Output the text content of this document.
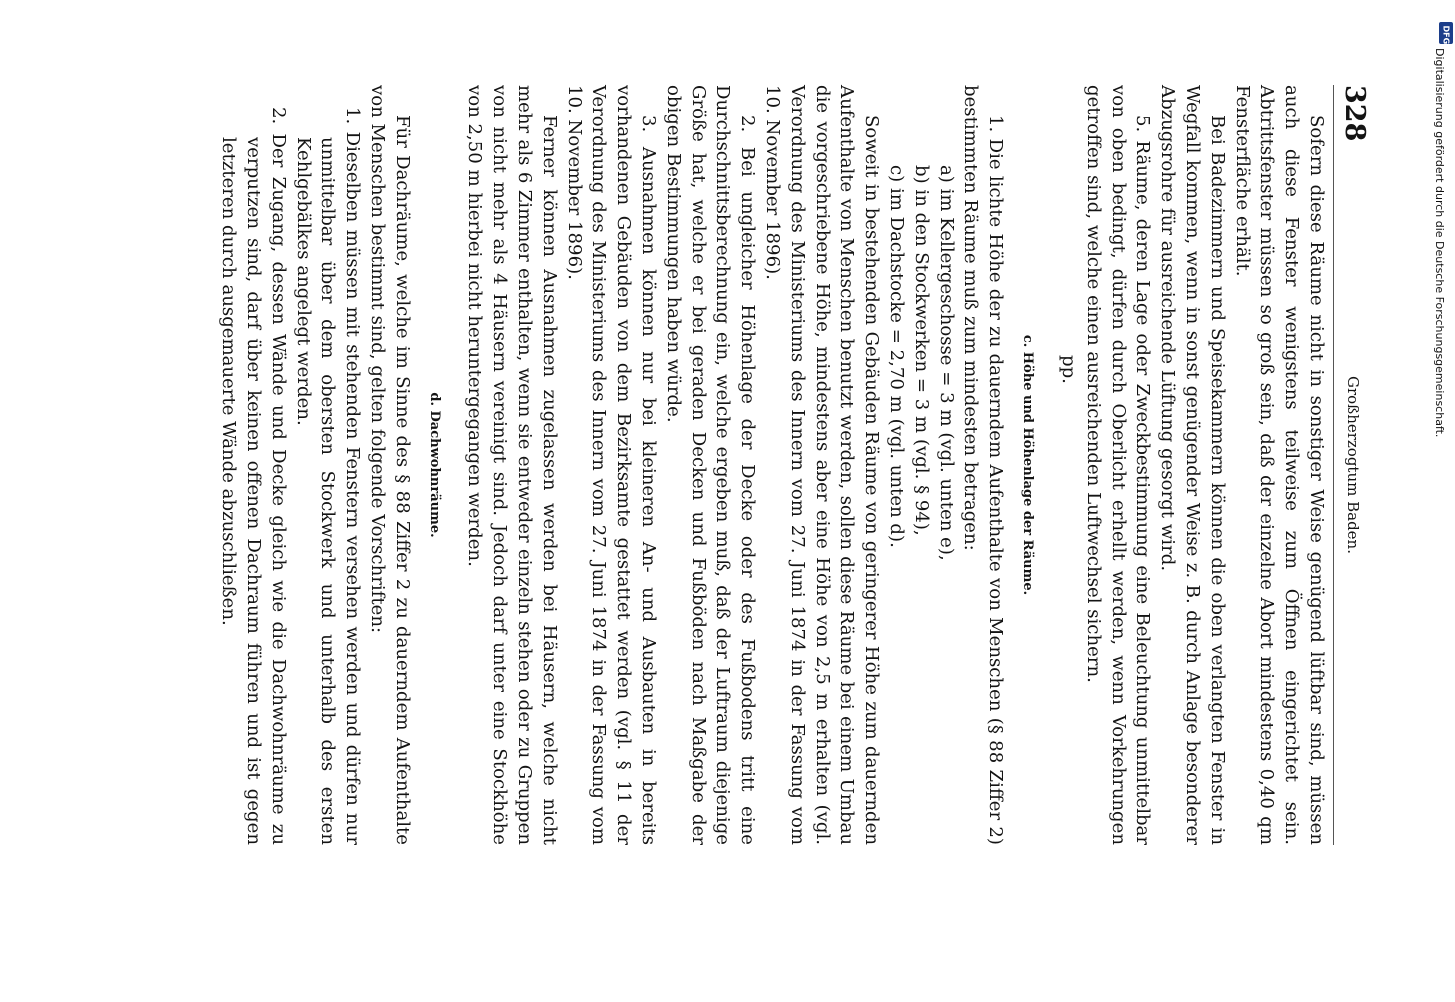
328
Großherzogtum Baden.

Sofern diese Räume nicht in sonstiger Weise genügend lüftbar sind, müssen auch diese Fenster wenigstens teilweise zum Öffnen eingerichtet sein. Abtrittsfenster müssen so groß sein, daß der einzelne Abort mindestens 0,40 qm Fensterfläche erhält.

Bei Badezimmern und Speisekammern können die oben verlangten Fenster in Wegfall kommen, wenn in sonst genügender Weise z. B. durch Anlage besonderer Abzugsrohre für ausreichende Lüftung gesorgt wird.

5. Räume, deren Lage oder Zweckbestimmung eine Beleuchtung unmittelbar von oben bedingt, dürfen durch Oberlicht erhellt werden, wenn Vorkehrungen getroffen sind, welche einen ausreichenden Luftwechsel sichern.

pp.

c. Höhe und Höhenlage der Räume.

1. Die lichte Höhe der zu dauerndem Aufenthalte von Menschen (§ 88 Ziffer 2) bestimmten Räume muß zum mindesten betragen:

a) im Kellergeschosse = 3 m (vgl. unten e),

b) in den Stockwerken = 3 m (vgl. § 94),

c) im Dachstocke = 2,70 m (vgl. unten d).

Soweit in bestehenden Gebäuden Räume von geringerer Höhe zum dauernden Aufenthalte von Menschen benutzt werden, sollen diese Räume bei einem Umbau die vorgeschriebene Höhe, mindestens aber eine Höhe von 2,5 m erhalten (vgl. Verordnung des Ministeriums des Innern vom 27. Juni 1874 in der Fassung vom 10. November 1896).

2. Bei ungleicher Höhenlage der Decke oder des Fußbodens tritt eine Durchschnittsberechnung ein, welche ergeben muß, daß der Luftraum diejenige Größe hat, welche er bei geraden Decken und Fußböden nach Maßgabe der obigen Bestimmungen haben würde.

3. Ausnahmen können nur bei kleineren An- und Ausbauten in bereits vorhandenen Gebäuden von dem Bezirksamte gestattet werden (vgl. § 11 der Verordnung des Ministeriums des Innern vom 27. Juni 1874 in der Fassung vom 10. November 1896).

Ferner können Ausnahmen zugelassen werden bei Häusern, welche nicht mehr als 6 Zimmer enthalten, wenn sie entweder einzeln stehen oder zu Gruppen von nicht mehr als 4 Häusern vereinigt sind. Jedoch darf unter eine Stockhöhe von 2,50 m hierbei nicht heruntergegangen werden.

d. Dachwohnräume.

Für Dachräume, welche im Sinne des § 88 Ziffer 2 zu dauerndem Aufenthalte von Menschen bestimmt sind, gelten folgende Vorschriften:

1. Dieselben müssen mit stehenden Fenstern versehen werden und dürfen nur unmittelbar über dem obersten Stockwerk und unterhalb des ersten Kehlgebälkes angelegt werden.

2. Der Zugang, dessen Wände und Decke gleich wie die Dachwohnräume zu verputzen sind, darf über keinen offenen Dachraum führen und ist gegen letzteren durch ausgemauerte Wände abzuschließen.

DFG
Digitalisierung gefördert durch die Deutsche Forschungsgemeinschaft.
